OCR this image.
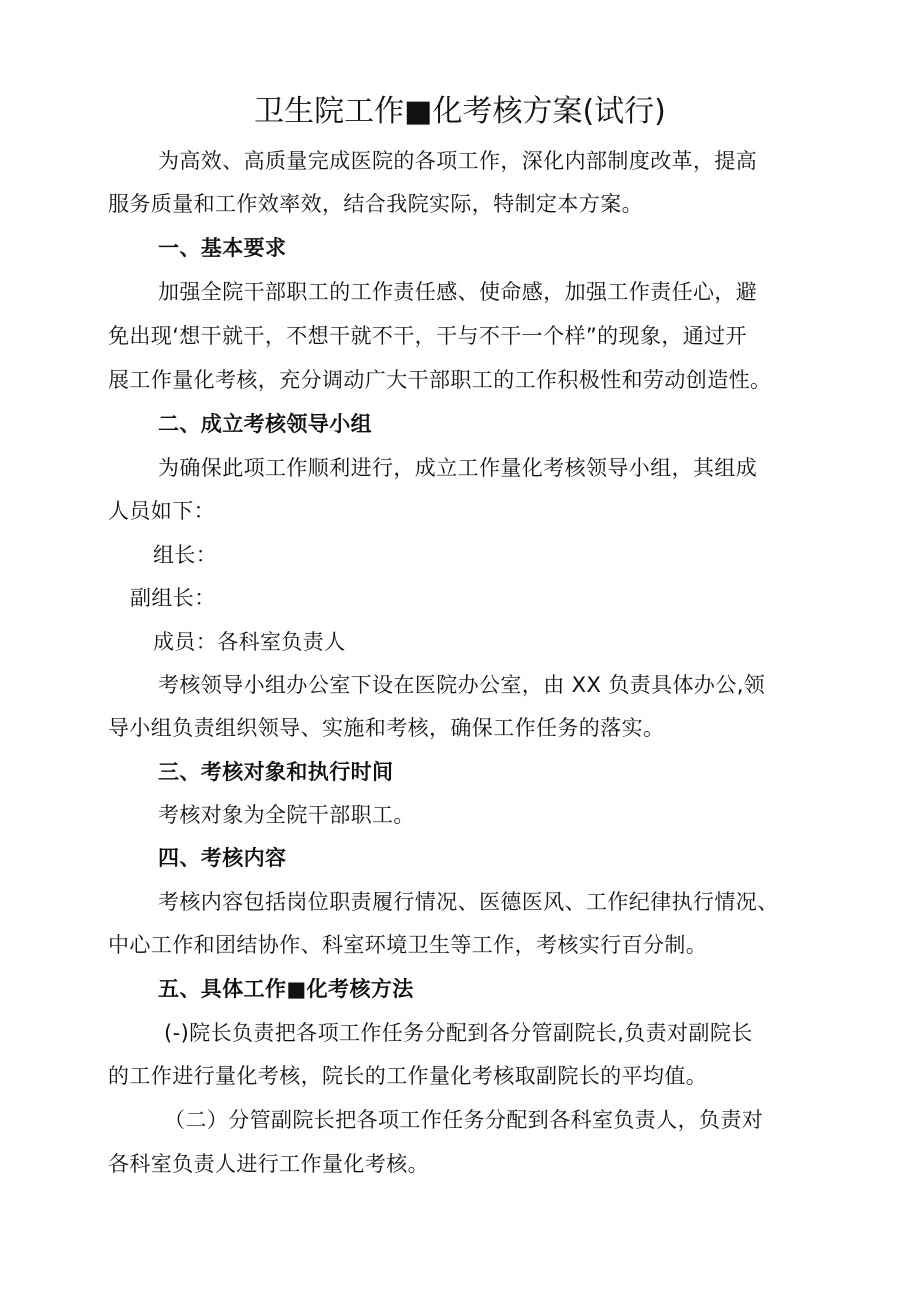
卫生院工作■化考核方案(试行)
为高效、高质量完成医院的各项工作，深化内部制度改革，提高
服务质量和工作效率效，结合我院实际，特制定本方案。
一、基本要求
加强全院干部职工的工作责任感、使命感，加强工作责任心，避
免出现‘想干就干，不想干就不干，干与不干一个样”的现象，通过开
展工作量化考核，充分调动广大干部职工的工作积极性和劳动创造性。
二、成立考核领导小组
为确保此项工作顺利进行，成立工作量化考核领导小组，其组成
人员如下：
组长：
副组长：
成员：各科室负责人
考核领导小组办公室下设在医院办公室，由 XX 负责具体办公,领
导小组负责组织领导、实施和考核，确保工作任务的落实。
三、考核对象和执行时间
考核对象为全院干部职工。
四、考核内容
考核内容包括岗位职责履行情况、医德医风、工作纪律执行情况、
中心工作和团结协作、科室环境卫生等工作，考核实行百分制。
五、具体工作■化考核方法
(-)院长负责把各项工作任务分配到各分管副院长,负责对副院长
的工作进行量化考核，院长的工作量化考核取副院长的平均值。
（二）分管副院长把各项工作任务分配到各科室负责人，负责对
各科室负责人进行工作量化考核。
